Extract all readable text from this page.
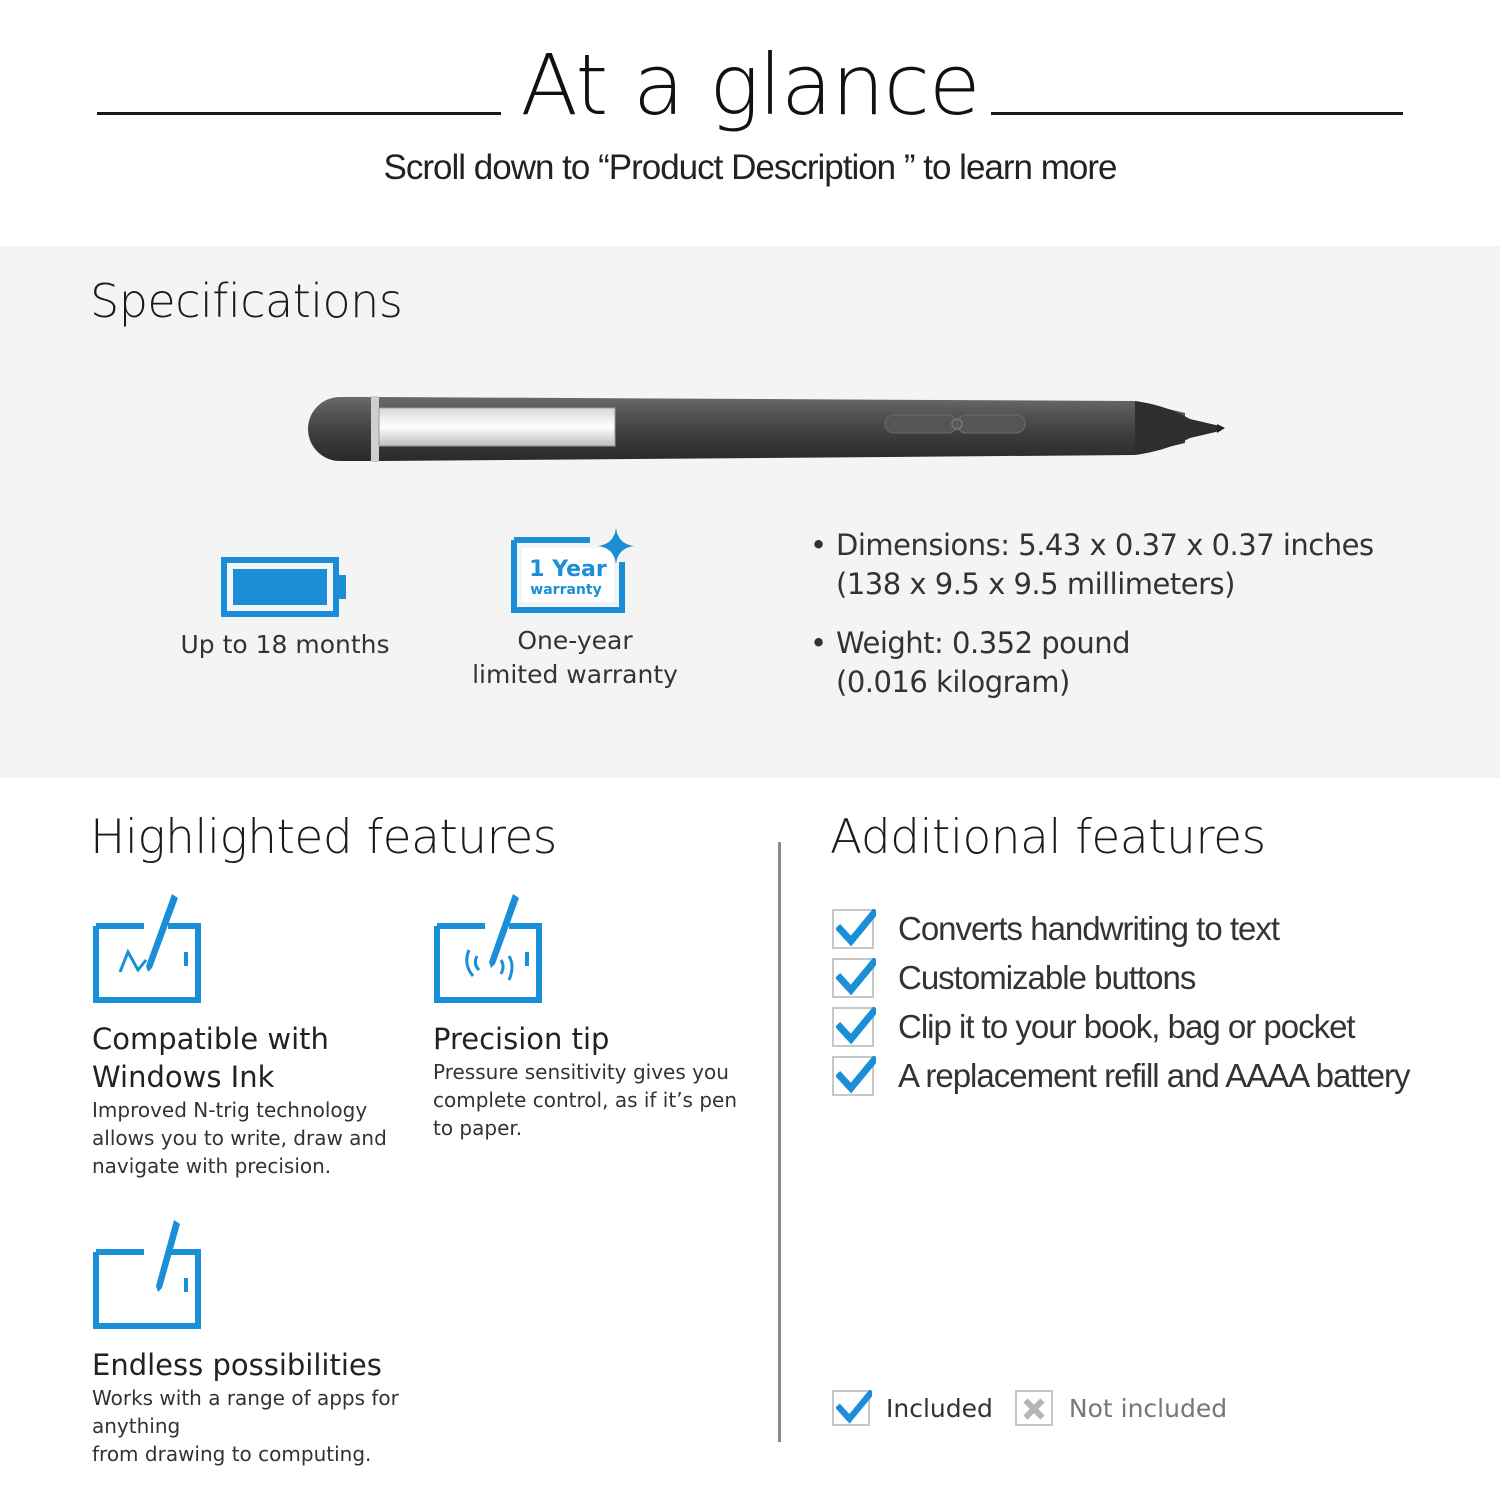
At a glance
Scroll down to “Product Description ” to learn more
Specifications
Up to 18 months
1 Year
warranty
One-year
limited warranty
• Dimensions: 5.43 x 0.37 x 0.37 inches
(138 x 9.5 x 9.5 millimeters)
• Weight: 0.352 pound
(0.016 kilogram)
Highlighted features	Additional features
Compatible with
Windows Ink
Improved N-trig technology
allows you to write, draw and
navigate with precision.
Precision tip
Pressure sensitivity gives you
complete control, as if it’s pen
to paper.
Endless possibilities
Works with a range of apps for anything
from drawing to computing.
Converts handwriting to text
Customizable buttons
Clip it to your book, bag or pocket
A replacement refill and AAAA battery
Included	Not included
